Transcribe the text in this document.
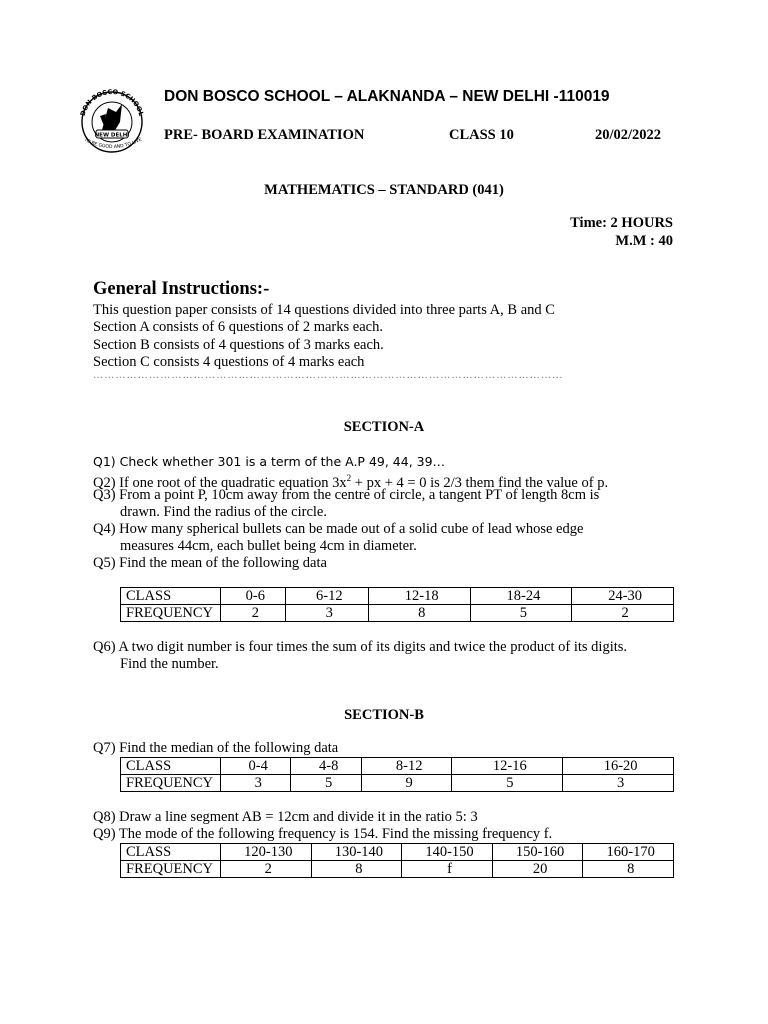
DON BOSCO SCHOOL
NEW DELHI
TO BE GOOD AND TO LIVE
DON BOSCO SCHOOL – ALAKNANDA – NEW DELHI -110019
PRE- BOARD EXAMINATION	CLASS 10	20/02/2022
MATHEMATICS – STANDARD (041)
Time: 2 HOURS
M.M : 40
General Instructions:-
This question paper consists of 14 questions divided into three parts A, B and C
Section A consists of 6 questions of 2 marks each.
Section B consists of 4 questions of 3 marks each.
Section C consists 4 questions of 4 marks each
……………………………………………………………………………………………………………...
SECTION-A
Q1) Check whether 301 is a term of the A.P 49, 44, 39…
Q2) If one root of the quadratic equation $3x^2$ + px + 4 = 0 is 2/3 them find the value of p.
Q3) From a point P, 10cm away from the centre of circle, a tangent PT of length 8cm is
drawn. Find the radius of the circle.
Q4) How many spherical bullets can be made out of a solid cube of lead whose edge
measures 44cm, each bullet being 4cm in diameter.
Q5) Find the mean of the following data
CLASS	0-6	6-12	12-18	18-24	24-30
FREQUENCY	2	3	8	5	2
Q6) A two digit number is four times the sum of its digits and twice the product of its digits.
Find the number.
SECTION-B
Q7) Find the median of the following data
CLASS	0-4	4-8	8-12	12-16	16-20
FREQUENCY	3	5	9	5	3
Q8) Draw a line segment AB = 12cm and divide it in the ratio 5: 3
Q9) The mode of the following frequency is 154. Find the missing frequency f.
CLASS	120-130	130-140	140-150	150-160	160-170
FREQUENCY	2	8	f	20	8
